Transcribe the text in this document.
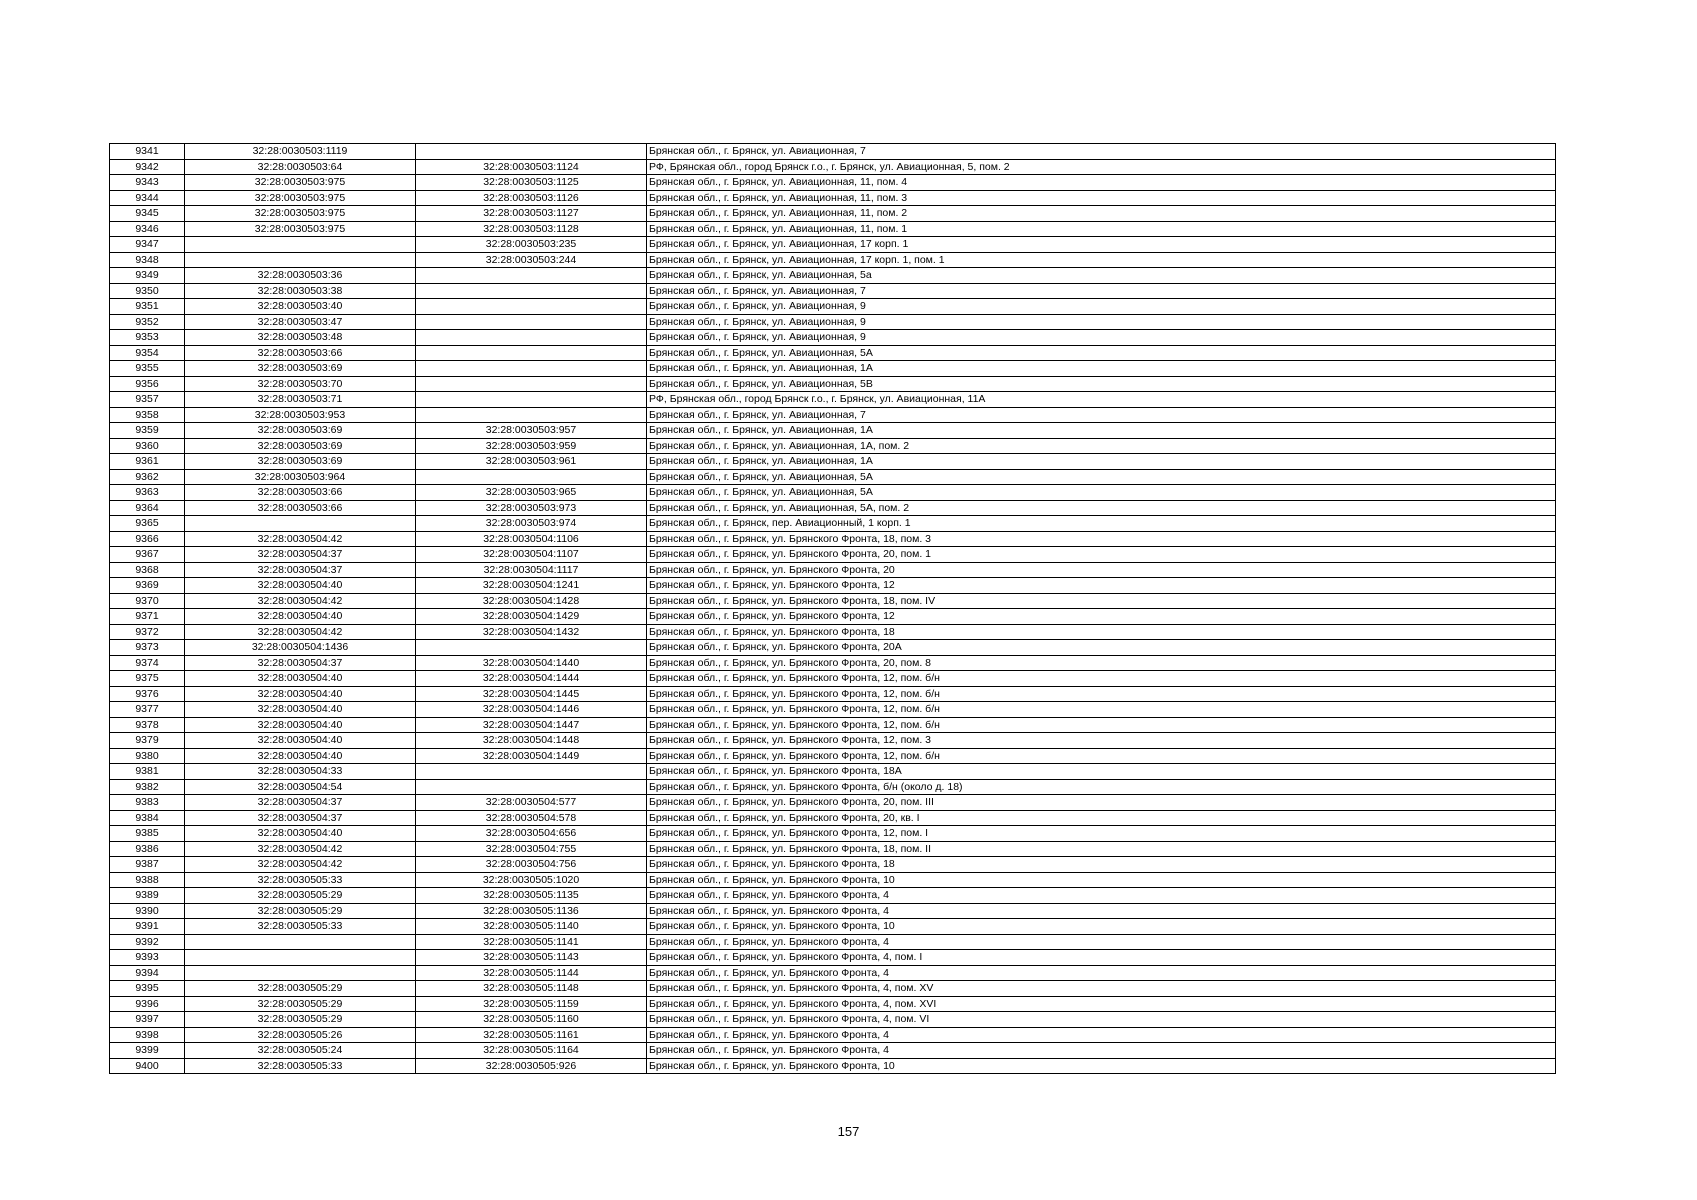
9341	32:28:0030503:1119		Брянская обл., г. Брянск, ул. Авиационная, 7
9342	32:28:0030503:64	32:28:0030503:1124	РФ, Брянская обл., город Брянск г.о., г. Брянск, ул. Авиационная, 5, пом. 2
9343	32:28:0030503:975	32:28:0030503:1125	Брянская обл., г. Брянск, ул. Авиационная, 11, пом. 4
9344	32:28:0030503:975	32:28:0030503:1126	Брянская обл., г. Брянск, ул. Авиационная, 11, пом. 3
9345	32:28:0030503:975	32:28:0030503:1127	Брянская обл., г. Брянск, ул. Авиационная, 11, пом. 2
9346	32:28:0030503:975	32:28:0030503:1128	Брянская обл., г. Брянск, ул. Авиационная, 11, пом. 1
9347		32:28:0030503:235	Брянская обл., г. Брянск, ул. Авиационная, 17 корп. 1
9348		32:28:0030503:244	Брянская обл., г. Брянск, ул. Авиационная, 17 корп. 1, пом. 1
9349	32:28:0030503:36		Брянская обл., г. Брянск, ул. Авиационная, 5а
9350	32:28:0030503:38		Брянская обл., г. Брянск, ул. Авиационная, 7
9351	32:28:0030503:40		Брянская обл., г. Брянск, ул. Авиационная, 9
9352	32:28:0030503:47		Брянская обл., г. Брянск, ул. Авиационная, 9
9353	32:28:0030503:48		Брянская обл., г. Брянск, ул. Авиационная, 9
9354	32:28:0030503:66		Брянская обл., г. Брянск, ул. Авиационная, 5А
9355	32:28:0030503:69		Брянская обл., г. Брянск, ул. Авиационная, 1А
9356	32:28:0030503:70		Брянская обл., г. Брянск, ул. Авиационная, 5В
9357	32:28:0030503:71		РФ, Брянская обл., город Брянск г.о., г. Брянск, ул. Авиационная, 11А
9358	32:28:0030503:953		Брянская обл., г. Брянск, ул. Авиационная, 7
9359	32:28:0030503:69	32:28:0030503:957	Брянская обл., г. Брянск, ул. Авиационная, 1А
9360	32:28:0030503:69	32:28:0030503:959	Брянская обл., г. Брянск, ул. Авиационная, 1А, пом. 2
9361	32:28:0030503:69	32:28:0030503:961	Брянская обл., г. Брянск, ул. Авиационная, 1А
9362	32:28:0030503:964		Брянская обл., г. Брянск, ул. Авиационная, 5А
9363	32:28:0030503:66	32:28:0030503:965	Брянская обл., г. Брянск, ул. Авиационная, 5А
9364	32:28:0030503:66	32:28:0030503:973	Брянская обл., г. Брянск, ул. Авиационная, 5А, пом. 2
9365		32:28:0030503:974	Брянская обл., г. Брянск, пер. Авиационный, 1 корп. 1
9366	32:28:0030504:42	32:28:0030504:1106	Брянская обл., г. Брянск, ул. Брянского Фронта, 18, пом. 3
9367	32:28:0030504:37	32:28:0030504:1107	Брянская обл., г. Брянск, ул. Брянского Фронта, 20, пом. 1
9368	32:28:0030504:37	32:28:0030504:1117	Брянская обл., г. Брянск, ул. Брянского Фронта, 20
9369	32:28:0030504:40	32:28:0030504:1241	Брянская обл., г. Брянск, ул. Брянского Фронта, 12
9370	32:28:0030504:42	32:28:0030504:1428	Брянская обл., г. Брянск, ул. Брянского Фронта, 18, пом. IV
9371	32:28:0030504:40	32:28:0030504:1429	Брянская обл., г. Брянск, ул. Брянского Фронта, 12
9372	32:28:0030504:42	32:28:0030504:1432	Брянская обл., г. Брянск, ул. Брянского Фронта, 18
9373	32:28:0030504:1436		Брянская обл., г. Брянск, ул. Брянского Фронта, 20А
9374	32:28:0030504:37	32:28:0030504:1440	Брянская обл., г. Брянск, ул. Брянского Фронта, 20, пом. 8
9375	32:28:0030504:40	32:28:0030504:1444	Брянская обл., г. Брянск, ул. Брянского Фронта, 12, пом. б/н
9376	32:28:0030504:40	32:28:0030504:1445	Брянская обл., г. Брянск, ул. Брянского Фронта, 12, пом. б/н
9377	32:28:0030504:40	32:28:0030504:1446	Брянская обл., г. Брянск, ул. Брянского Фронта, 12, пом. б/н
9378	32:28:0030504:40	32:28:0030504:1447	Брянская обл., г. Брянск, ул. Брянского Фронта, 12, пом. б/н
9379	32:28:0030504:40	32:28:0030504:1448	Брянская обл., г. Брянск, ул. Брянского Фронта, 12, пом. 3
9380	32:28:0030504:40	32:28:0030504:1449	Брянская обл., г. Брянск, ул. Брянского Фронта, 12, пом. б/н
9381	32:28:0030504:33		Брянская обл., г. Брянск, ул. Брянского Фронта, 18А
9382	32:28:0030504:54		Брянская обл., г. Брянск, ул. Брянского Фронта, б/н (около д. 18)
9383	32:28:0030504:37	32:28:0030504:577	Брянская обл., г. Брянск, ул. Брянского Фронта, 20, пом. III
9384	32:28:0030504:37	32:28:0030504:578	Брянская обл., г. Брянск, ул. Брянского Фронта, 20, кв. I
9385	32:28:0030504:40	32:28:0030504:656	Брянская обл., г. Брянск, ул. Брянского Фронта, 12, пом. I
9386	32:28:0030504:42	32:28:0030504:755	Брянская обл., г. Брянск, ул. Брянского Фронта, 18, пом. II
9387	32:28:0030504:42	32:28:0030504:756	Брянская обл., г. Брянск, ул. Брянского Фронта, 18
9388	32:28:0030505:33	32:28:0030505:1020	Брянская обл., г. Брянск, ул. Брянского Фронта, 10
9389	32:28:0030505:29	32:28:0030505:1135	Брянская обл., г. Брянск, ул. Брянского Фронта, 4
9390	32:28:0030505:29	32:28:0030505:1136	Брянская обл., г. Брянск, ул. Брянского Фронта, 4
9391	32:28:0030505:33	32:28:0030505:1140	Брянская обл., г. Брянск, ул. Брянского Фронта, 10
9392		32:28:0030505:1141	Брянская обл., г. Брянск, ул. Брянского Фронта, 4
9393		32:28:0030505:1143	Брянская обл., г. Брянск, ул. Брянского Фронта, 4, пом. I
9394		32:28:0030505:1144	Брянская обл., г. Брянск, ул. Брянского Фронта, 4
9395	32:28:0030505:29	32:28:0030505:1148	Брянская обл., г. Брянск, ул. Брянского Фронта, 4, пом. XV
9396	32:28:0030505:29	32:28:0030505:1159	Брянская обл., г. Брянск, ул. Брянского Фронта, 4, пом. XVI
9397	32:28:0030505:29	32:28:0030505:1160	Брянская обл., г. Брянск, ул. Брянского Фронта, 4, пом. VI
9398	32:28:0030505:26	32:28:0030505:1161	Брянская обл., г. Брянск, ул. Брянского Фронта, 4
9399	32:28:0030505:24	32:28:0030505:1164	Брянская обл., г. Брянск, ул. Брянского Фронта, 4
9400	32:28:0030505:33	32:28:0030505:926	Брянская обл., г. Брянск, ул. Брянского Фронта, 10
157
